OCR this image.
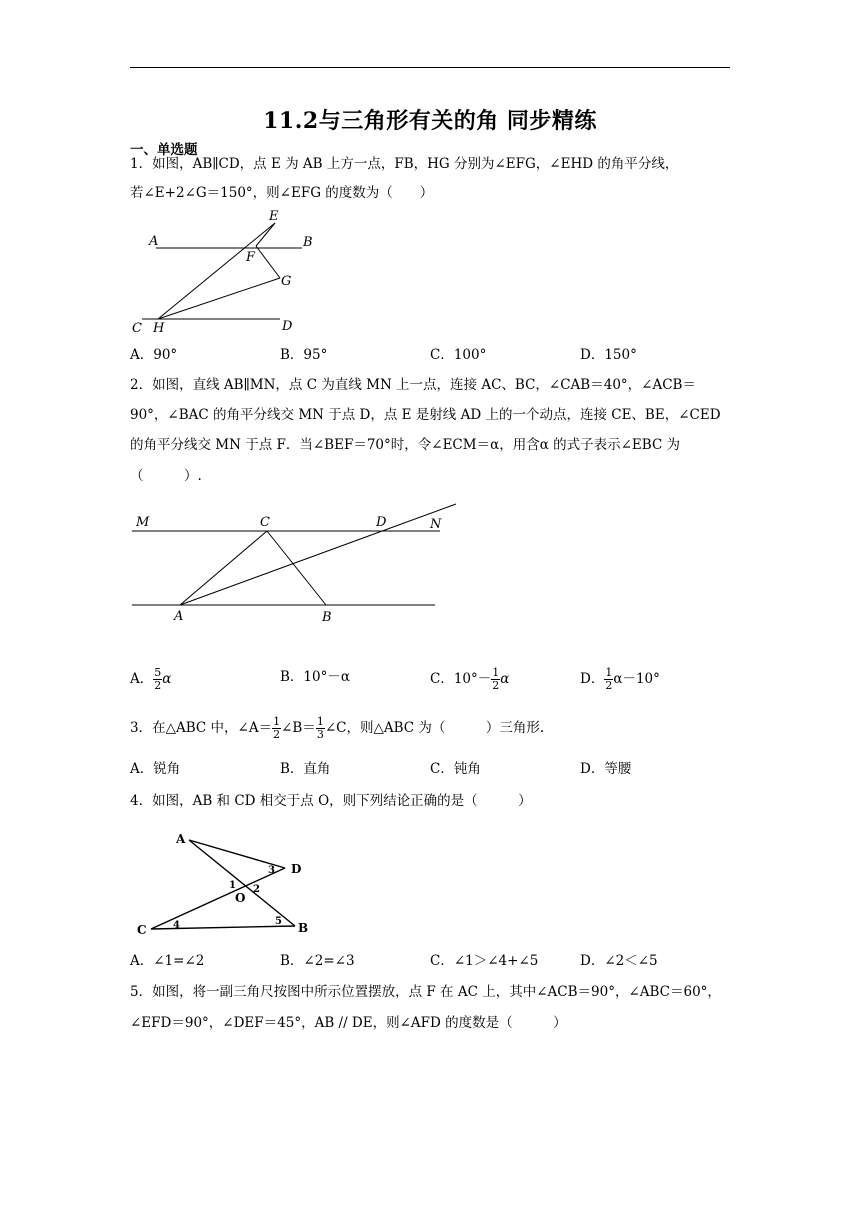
11.2与三角形有关的角 同步精练
一、单选题
1．如图，AB∥CD，点 E 为 AB 上方一点，FB，HG 分别为∠EFG，∠EHD 的角平分线，
若∠E+2∠G＝150°，则∠EFG 的度数为（　　）
E
A	B
F
G
C H	D
A．90°	B．95°	C．100°	D．150°
2．如图，直线 AB∥MN，点 C 为直线 MN 上一点，连接 AC、BC，∠CAB＝40°，∠ACB＝
90°，∠BAC 的角平分线交 MN 于点 D，点 E 是射线 AD 上的一个动点，连接 CE、BE，∠CED
的角平分线交 MN 于点 F．当∠BEF＝70°时，令∠ECM＝α，用含α 的式子表示∠EBC 为
（　　　）.
M	C	D	N
A	B
A． $\frac{5}{2}$ α	B．10°－α	C．$10^\circ- \frac{1}{2}$ α	D． $\frac{1}{2} \alpha-10^\circ$
3．在△ABC 中，∠A＝ $\frac{1}{2}$ ∠B＝ $\frac{1}{3}$ ∠C，则△ABC 为（　　　）三角形.
A．锐角	B．直角	C．钝角	D．等腰
4．如图，AB 和 CD 相交于点 O，则下列结论正确的是（　　　）
A
D
O
C	B
1 2
3
4	5
A．∠1=∠2	B．∠2=∠3	C．∠1＞∠4+∠5	D．∠2＜∠5
5．如图，将一副三角尺按图中所示位置摆放，点 F 在 AC 上，其中∠ACB＝90°，∠ABC＝60°，
∠EFD＝90°，∠DEF＝45°，AB // DE，则∠AFD 的度数是（　　　）
